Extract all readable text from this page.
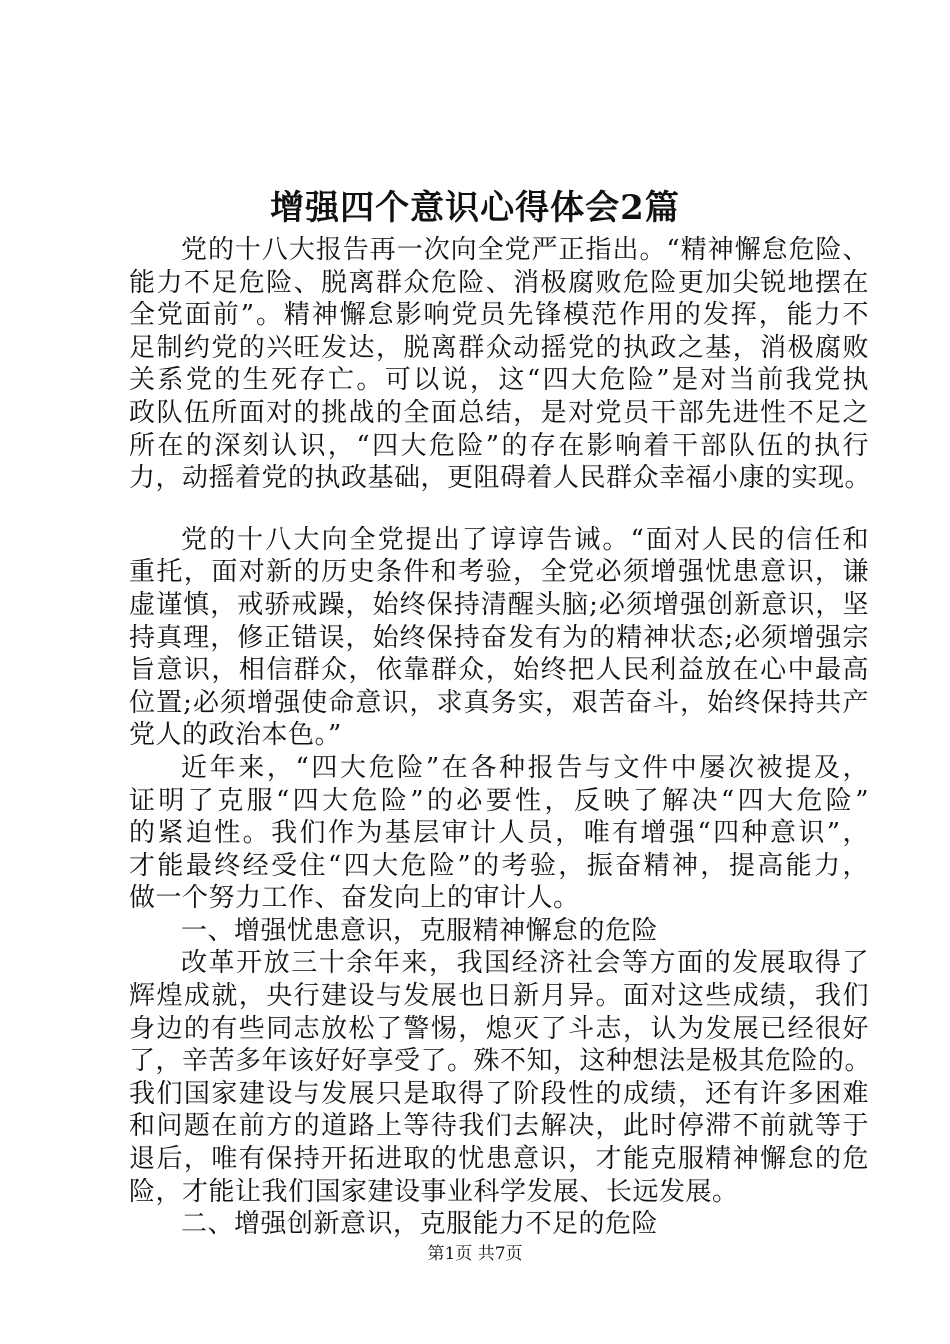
增强四个意识心得体会2篇
党的十八大报告再一次向全党严正指出。“精神懈怠危险、
能力不足危险、脱离群众危险、消极腐败危险更加尖锐地摆在
全党面前”。精神懈怠影响党员先锋模范作用的发挥，能力不
足制约党的兴旺发达，脱离群众动摇党的执政之基，消极腐败
关系党的生死存亡。可以说，这“四大危险”是对当前我党执
政队伍所面对的挑战的全面总结，是对党员干部先进性不足之
所在的深刻认识，“四大危险”的存在影响着干部队伍的执行
力，动摇着党的执政基础，更阻碍着人民群众幸福小康的实现。
党的十八大向全党提出了谆谆告诫。“面对人民的信任和
重托，面对新的历史条件和考验，全党必须增强忧患意识，谦
虚谨慎，戒骄戒躁，始终保持清醒头脑;必须增强创新意识，坚
持真理，修正错误，始终保持奋发有为的精神状态;必须增强宗
旨意识，相信群众，依靠群众，始终把人民利益放在心中最高
位置;必须增强使命意识，求真务实，艰苦奋斗，始终保持共产
党人的政治本色。”
近年来，“四大危险”在各种报告与文件中屡次被提及，
证明了克服“四大危险”的必要性，反映了解决“四大危险”
的紧迫性。我们作为基层审计人员，唯有增强“四种意识”，
才能最终经受住“四大危险”的考验，振奋精神，提高能力，
做一个努力工作、奋发向上的审计人。
一、增强忧患意识，克服精神懈怠的危险
改革开放三十余年来，我国经济社会等方面的发展取得了
辉煌成就，央行建设与发展也日新月异。面对这些成绩，我们
身边的有些同志放松了警惕，熄灭了斗志，认为发展已经很好
了，辛苦多年该好好享受了。殊不知，这种想法是极其危险的。
我们国家建设与发展只是取得了阶段性的成绩，还有许多困难
和问题在前方的道路上等待我们去解决，此时停滞不前就等于
退后，唯有保持开拓进取的忧患意识，才能克服精神懈怠的危
险，才能让我们国家建设事业科学发展、长远发展。
二、增强创新意识，克服能力不足的危险
第1页 共7页
